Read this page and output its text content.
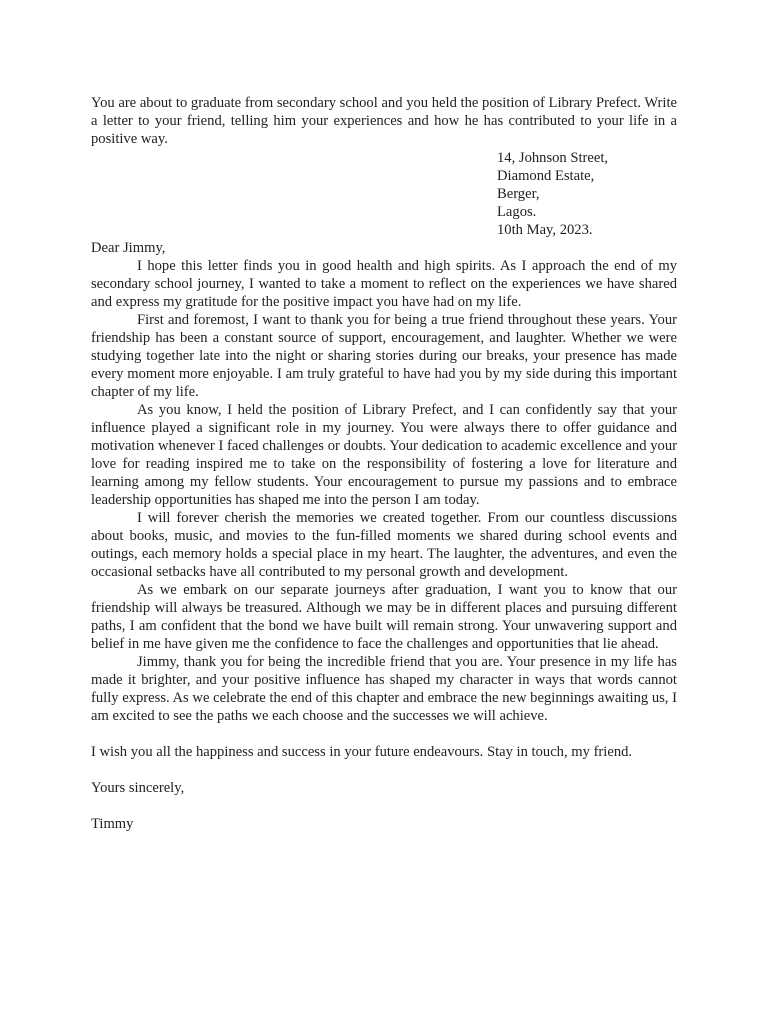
You are about to graduate from secondary school and you held the position of Library Prefect. Write a letter to your friend, telling him your experiences and how he has contributed to your life in a positive way.

14, Johnson Street,
Diamond Estate,
Berger,
Lagos.
10th May, 2023.

Dear Jimmy,

I hope this letter finds you in good health and high spirits. As I approach the end of my secondary school journey, I wanted to take a moment to reflect on the experiences we have shared and express my gratitude for the positive impact you have had on my life.

First and foremost, I want to thank you for being a true friend throughout these years. Your friendship has been a constant source of support, encouragement, and laughter. Whether we were studying together late into the night or sharing stories during our breaks, your presence has made every moment more enjoyable. I am truly grateful to have had you by my side during this important chapter of my life.

As you know, I held the position of Library Prefect, and I can confidently say that your influence played a significant role in my journey. You were always there to offer guidance and motivation whenever I faced challenges or doubts. Your dedication to academic excellence and your love for reading inspired me to take on the responsibility of fostering a love for literature and learning among my fellow students. Your encouragement to pursue my passions and to embrace leadership opportunities has shaped me into the person I am today.

I will forever cherish the memories we created together. From our countless discussions about books, music, and movies to the fun-filled moments we shared during school events and outings, each memory holds a special place in my heart. The laughter, the adventures, and even the occasional setbacks have all contributed to my personal growth and development.

As we embark on our separate journeys after graduation, I want you to know that our friendship will always be treasured. Although we may be in different places and pursuing different paths, I am confident that the bond we have built will remain strong. Your unwavering support and belief in me have given me the confidence to face the challenges and opportunities that lie ahead.

Jimmy, thank you for being the incredible friend that you are. Your presence in my life has made it brighter, and your positive influence has shaped my character in ways that words cannot fully express. As we celebrate the end of this chapter and embrace the new beginnings awaiting us, I am excited to see the paths we each choose and the successes we will achieve.

I wish you all the happiness and success in your future endeavours. Stay in touch, my friend.

Yours sincerely,

Timmy
